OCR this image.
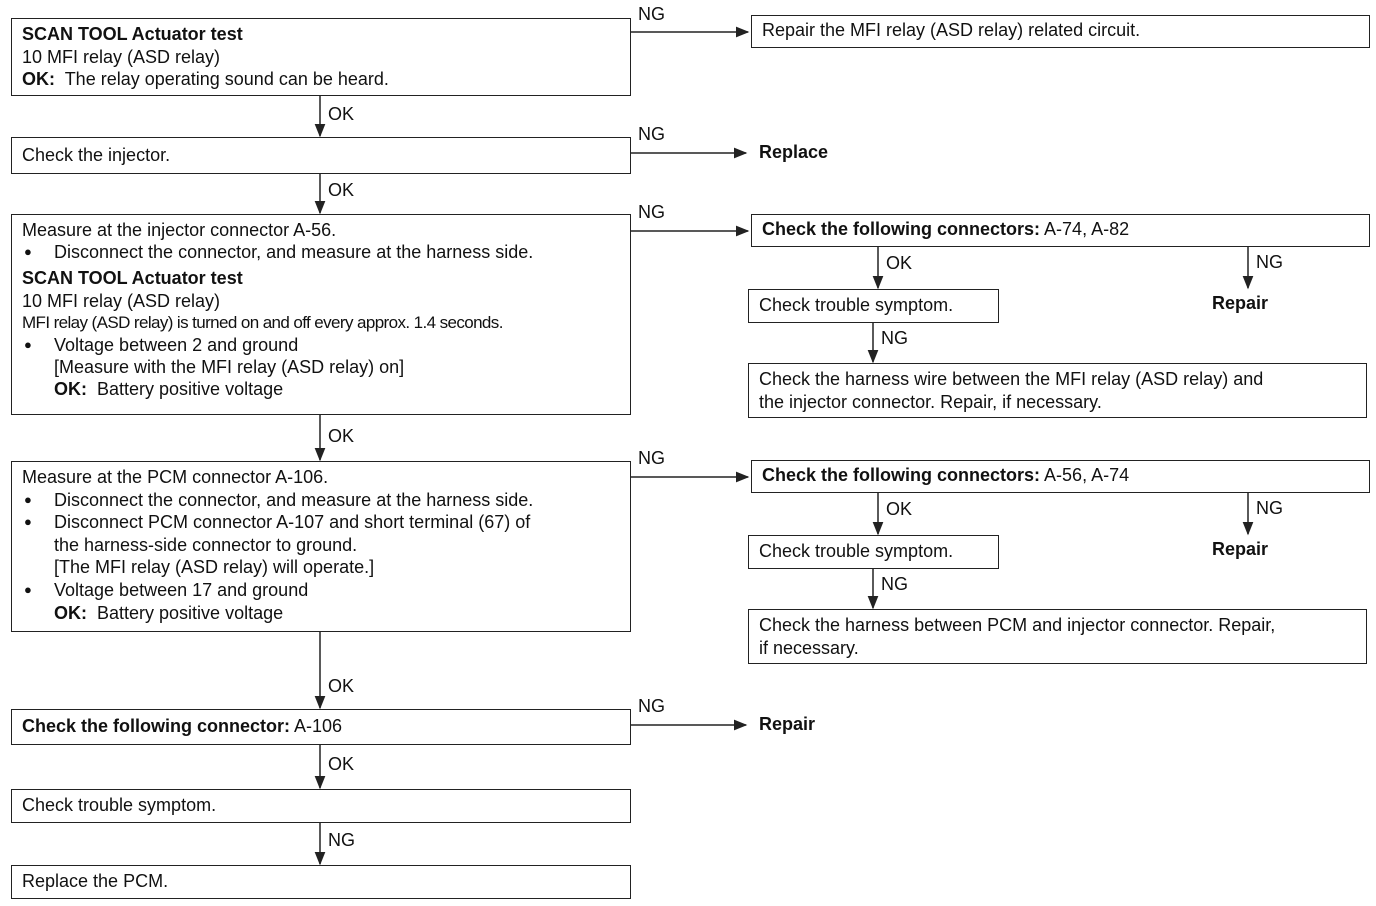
SCAN TOOL Actuator test
10 MFI relay (ASD relay)
OK: The relay operating sound can be heard.
Check the injector.
Measure at the injector connector A-56.
● Disconnect the connector, and measure at the harness side.
SCAN TOOL Actuator test
10 MFI relay (ASD relay)
MFI relay (ASD relay) is turned on and off every approx. 1.4 seconds.
● Voltage between 2 and ground
[Measure with the MFI relay (ASD relay) on]
OK: Battery positive voltage
Measure at the PCM connector A-106.
● Disconnect the connector, and measure at the harness side.
● Disconnect PCM connector A-107 and short terminal (67) of
the harness-side connector to ground.
[The MFI relay (ASD relay) will operate.]
● Voltage between 17 and ground
OK: Battery positive voltage
Check the following connector: A-106
Check trouble symptom.
Replace the PCM.
Repair the MFI relay (ASD relay) related circuit.
Replace
Check the following connectors: A-74, A-82
Check trouble symptom.	Repair
Check the harness wire between the MFI relay (ASD relay) and
the injector connector. Repair, if necessary.
Check the following connectors: A-56, A-74
Check trouble symptom.	Repair
Check the harness between PCM and injector connector. Repair,
if necessary.
Repair
OK
OK
OK
OK
OK
NG
NG
NG
NG
NG
NG
OK	NG
NG
OK	NG
NG
